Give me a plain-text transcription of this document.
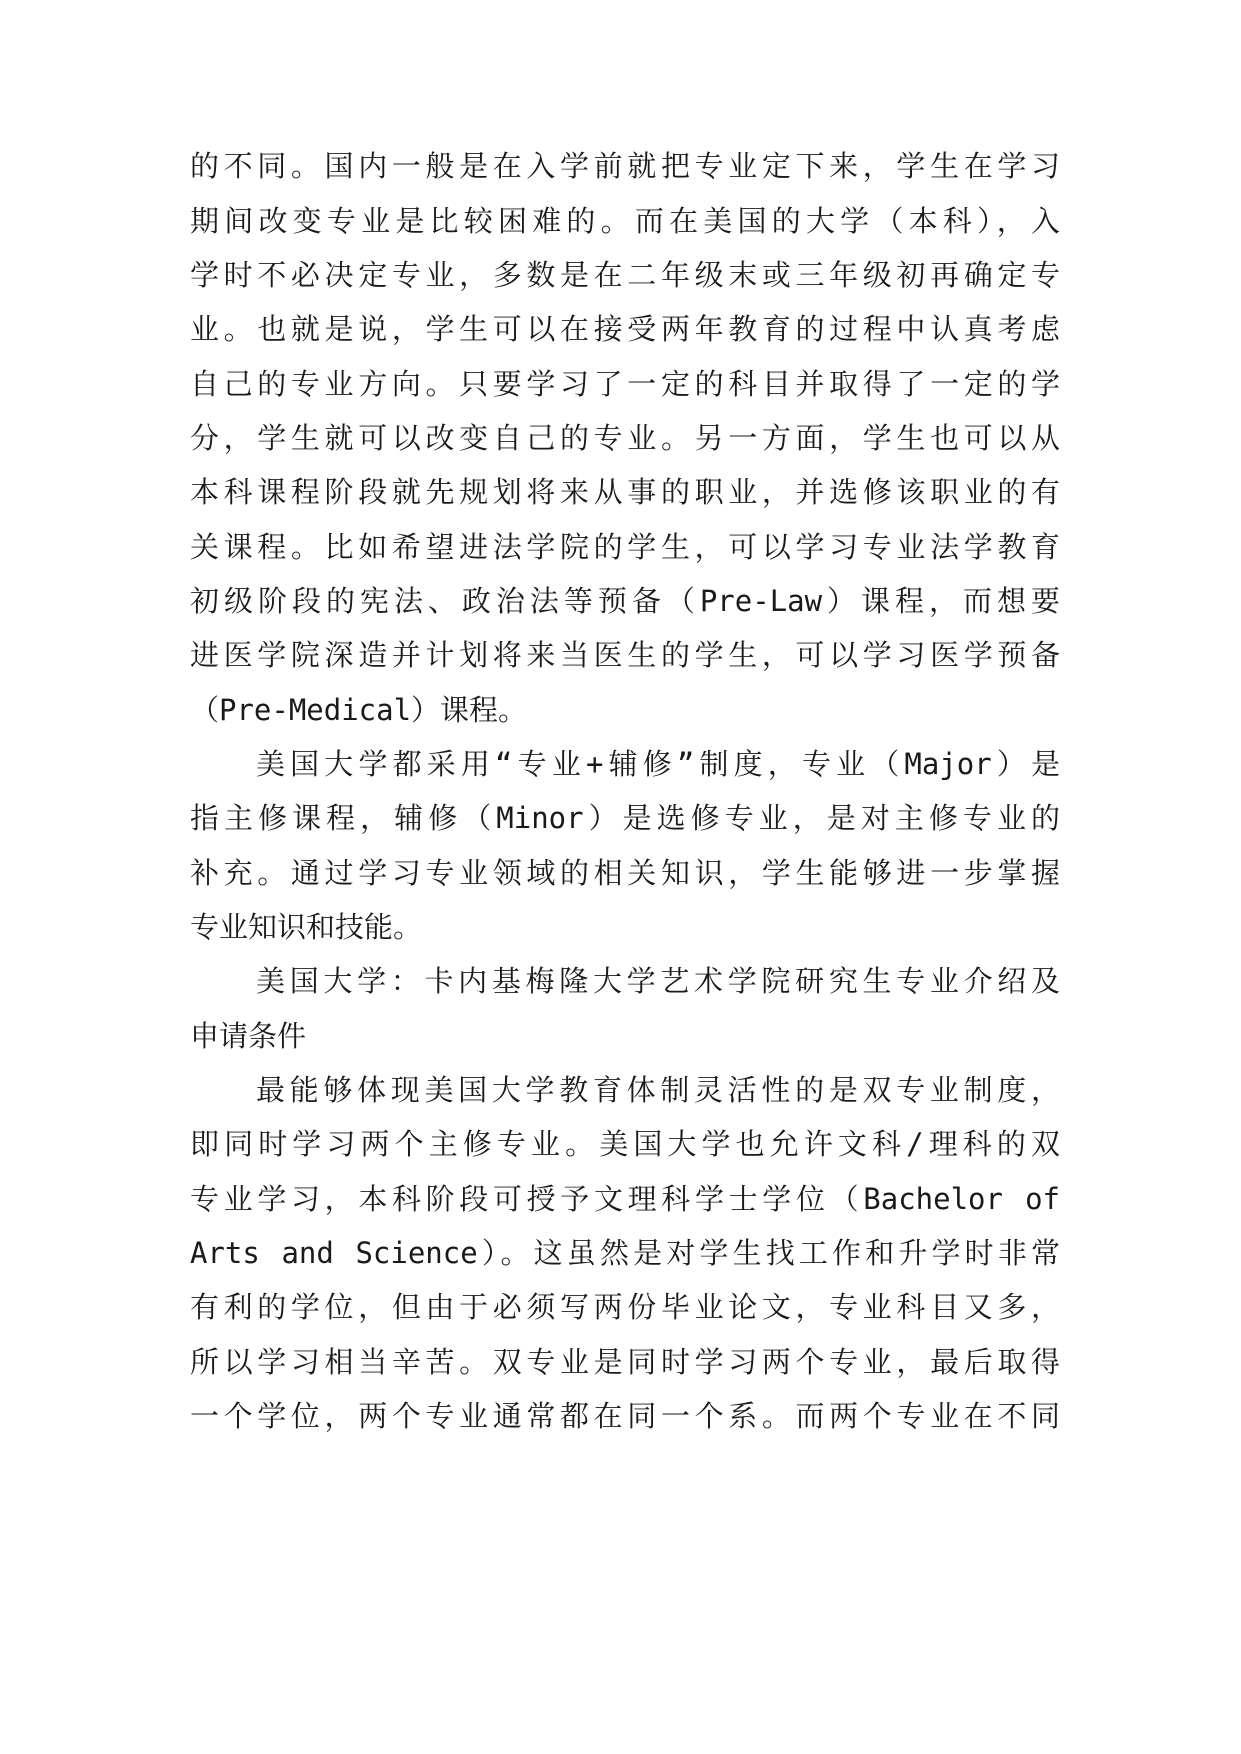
的不同。国内一般是在入学前就把专业定下来，学生在学习
期间改变专业是比较困难的。而在美国的大学（本科），入
学时不必决定专业，多数是在二年级末或三年级初再确定专
业。也就是说，学生可以在接受两年教育的过程中认真考虑
自己的专业方向。只要学习了一定的科目并取得了一定的学
分，学生就可以改变自己的专业。另一方面，学生也可以从
本科课程阶段就先规划将来从事的职业，并选修该职业的有
关课程。比如希望进法学院的学生，可以学习专业法学教育
初级阶段的宪法、政治法等预备（Pre-Law）课程，而想要
进医学院深造并计划将来当医生的学生，可以学习医学预备
（Pre-Medical）课程。
美国大学都采用“专业+辅修”制度，专业（Major）是
指主修课程，辅修（Minor）是选修专业，是对主修专业的
补充。通过学习专业领域的相关知识，学生能够进一步掌握
专业知识和技能。
美国大学：卡内基梅隆大学艺术学院研究生专业介绍及
申请条件
最能够体现美国大学教育体制灵活性的是双专业制度，
即同时学习两个主修专业。美国大学也允许文科/理科的双
专业学习，本科阶段可授予文理科学士学位（Bachelor of
Arts and Science）。这虽然是对学生找工作和升学时非常
有利的学位，但由于必须写两份毕业论文，专业科目又多，
所以学习相当辛苦。双专业是同时学习两个专业，最后取得
一个学位，两个专业通常都在同一个系。而两个专业在不同
